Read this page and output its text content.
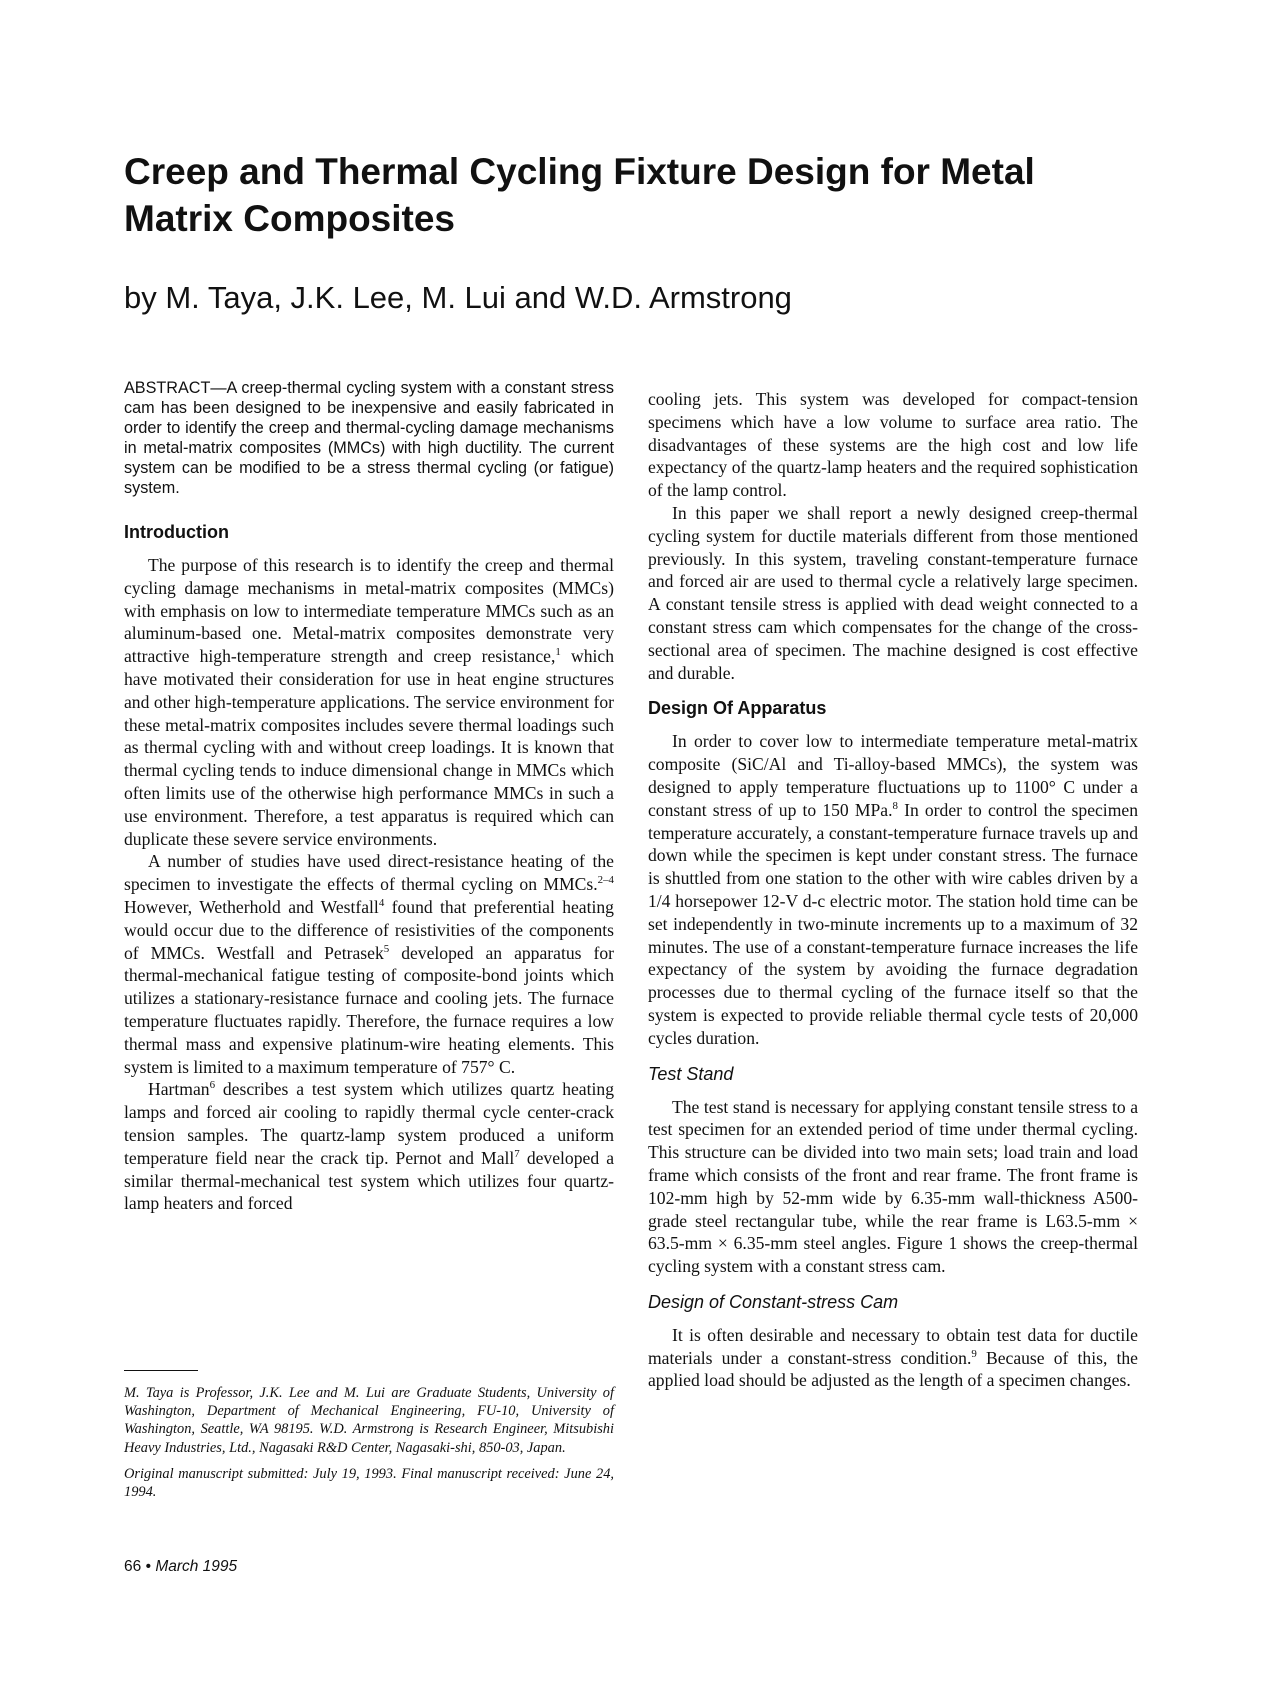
Creep and Thermal Cycling Fixture Design for Metal Matrix Composites

by M. Taya, J.K. Lee, M. Lui and W.D. Armstrong

ABSTRACT—A creep-thermal cycling system with a constant stress cam has been designed to be inexpensive and easily fabricated in order to identify the creep and thermal-cycling damage mechanisms in metal-matrix composites (MMCs) with high ductility. The current system can be modified to be a stress thermal cycling (or fatigue) system.

Introduction

The purpose of this research is to identify the creep and thermal cycling damage mechanisms in metal-matrix composites (MMCs) with emphasis on low to intermediate temperature MMCs such as an aluminum-based one. Metal-matrix composites demonstrate very attractive high-temperature strength and creep resistance,$^1$ which have motivated their consideration for use in heat engine structures and other high-temperature applications. The service environment for these metal-matrix composites includes severe thermal loadings such as thermal cycling with and without creep loadings. It is known that thermal cycling tends to induce dimensional change in MMCs which often limits use of the otherwise high performance MMCs in such a use environment. Therefore, a test apparatus is required which can duplicate these severe service environments.

A number of studies have used direct-resistance heating of the specimen to investigate the effects of thermal cycling on MMCs.$^{2-4}$ However, Wetherhold and Westfall$^4$ found that preferential heating would occur due to the difference of resistivities of the components of MMCs. Westfall and Petrasek$^5$ developed an apparatus for thermal-mechanical fatigue testing of composite-bond joints which utilizes a stationary-resistance furnace and cooling jets. The furnace temperature fluctuates rapidly. Therefore, the furnace requires a low thermal mass and expensive platinum-wire heating elements. This system is limited to a maximum temperature of 757° C.

Hartman$^6$ describes a test system which utilizes quartz heating lamps and forced air cooling to rapidly thermal cycle center-crack tension samples. The quartz-lamp system produced a uniform temperature field near the crack tip. Pernot and Mall$^7$ developed a similar thermal-mechanical test system which utilizes four quartz-lamp heaters and forced

M. Taya is Professor, J.K. Lee and M. Lui are Graduate Students, University of Washington, Department of Mechanical Engineering, FU-10, University of Washington, Seattle, WA 98195. W.D. Armstrong is Research Engineer, Mitsubishi Heavy Industries, Ltd., Nagasaki R&D Center, Nagasaki-shi, 850-03, Japan.

Original manuscript submitted: July 19, 1993. Final manuscript received: June 24, 1994.

cooling jets. This system was developed for compact-tension specimens which have a low volume to surface area ratio. The disadvantages of these systems are the high cost and low life expectancy of the quartz-lamp heaters and the required sophistication of the lamp control.

In this paper we shall report a newly designed creep-thermal cycling system for ductile materials different from those mentioned previously. In this system, traveling constant-temperature furnace and forced air are used to thermal cycle a relatively large specimen. A constant tensile stress is applied with dead weight connected to a constant stress cam which compensates for the change of the cross-sectional area of specimen. The machine designed is cost effective and durable.

Design Of Apparatus

In order to cover low to intermediate temperature metal-matrix composite (SiC/Al and Ti-alloy-based MMCs), the system was designed to apply temperature fluctuations up to 1100° C under a constant stress of up to 150 MPa.$^8$ In order to control the specimen temperature accurately, a constant-temperature furnace travels up and down while the specimen is kept under constant stress. The furnace is shuttled from one station to the other with wire cables driven by a 1/4 horsepower 12-V d-c electric motor. The station hold time can be set independently in two-minute increments up to a maximum of 32 minutes. The use of a constant-temperature furnace increases the life expectancy of the system by avoiding the furnace degradation processes due to thermal cycling of the furnace itself so that the system is expected to provide reliable thermal cycle tests of 20,000 cycles duration.

Test Stand

The test stand is necessary for applying constant tensile stress to a test specimen for an extended period of time under thermal cycling. This structure can be divided into two main sets; load train and load frame which consists of the front and rear frame. The front frame is 102-mm high by 52-mm wide by 6.35-mm wall-thickness A500-grade steel rectangular tube, while the rear frame is L63.5-mm × 63.5-mm × 6.35-mm steel angles. Figure 1 shows the creep-thermal cycling system with a constant stress cam.

Design of Constant-stress Cam

It is often desirable and necessary to obtain test data for ductile materials under a constant-stress condition.$^9$ Because of this, the applied load should be adjusted as the length of a specimen changes.

66 • March 1995
